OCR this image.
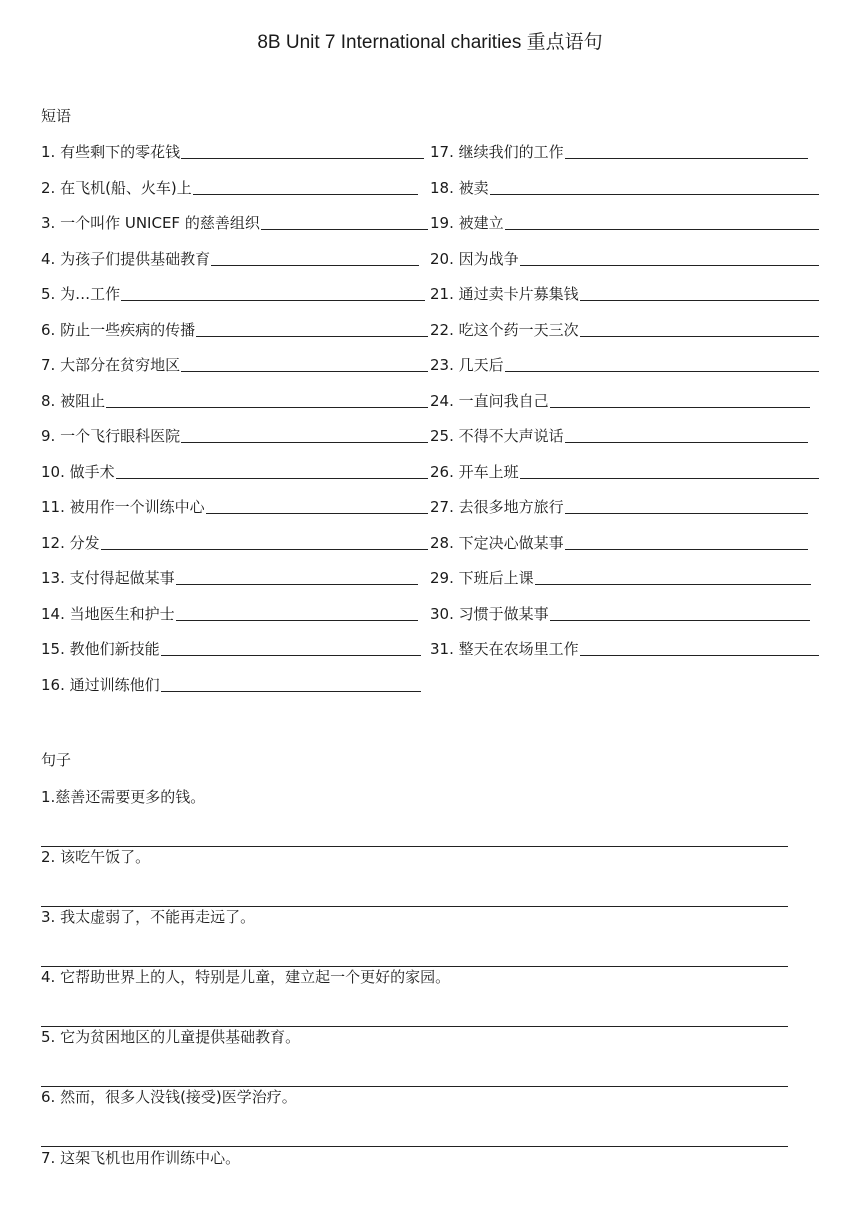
8B Unit 7 International charities 重点语句
短语
1. 有些剩下的零花钱
2. 在飞机(船、火车)上
3. 一个叫作 UNICEF 的慈善组织
4. 为孩子们提供基础教育
5. 为…工作
6. 防止一些疾病的传播
7. 大部分在贫穷地区
8. 被阻止
9. 一个飞行眼科医院
10. 做手术
11. 被用作一个训练中心
12. 分发
13. 支付得起做某事
14. 当地医生和护士
15. 教他们新技能
16. 通过训练他们
17. 继续我们的工作
18. 被卖
19. 被建立
20. 因为战争
21. 通过卖卡片募集钱
22. 吃这个药一天三次
23. 几天后
24. 一直问我自己
25. 不得不大声说话
26. 开车上班
27. 去很多地方旅行
28. 下定决心做某事
29. 下班后上课
30. 习惯于做某事
31. 整天在农场里工作
句子
1.慈善还需要更多的钱。
2. 该吃午饭了。
3. 我太虚弱了，不能再走远了。
4. 它帮助世界上的人，特别是儿童，建立起一个更好的家园。
5. 它为贫困地区的儿童提供基础教育。
6. 然而，很多人没钱(接受)医学治疗。
7. 这架飞机也用作训练中心。
